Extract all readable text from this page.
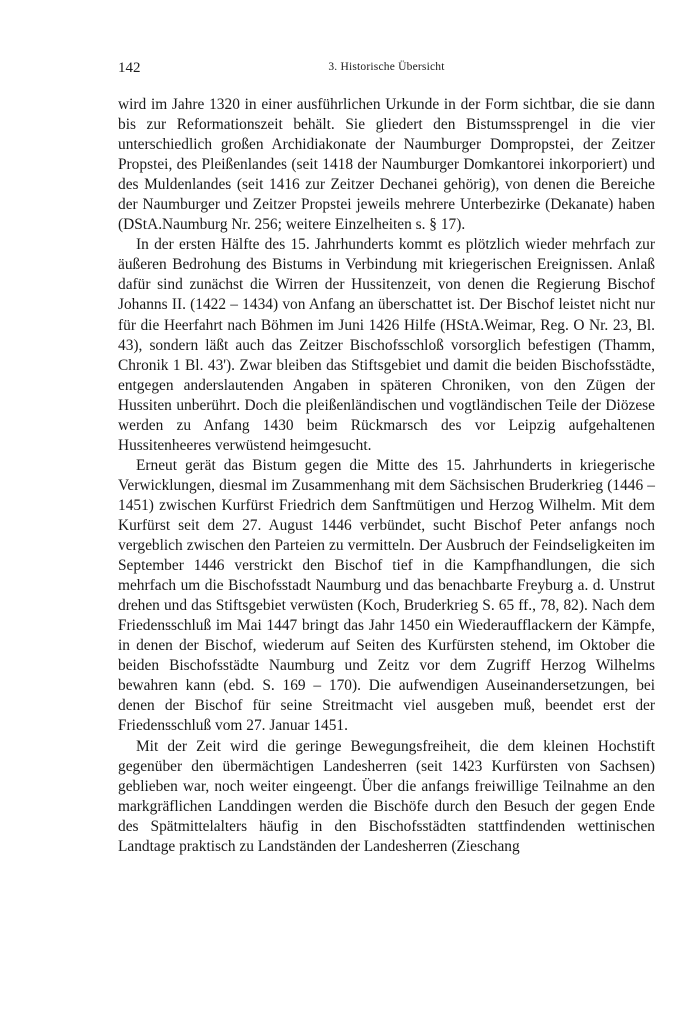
142	3. Historische Übersicht

wird im Jahre 1320 in einer ausführlichen Urkunde in der Form sichtbar, die sie dann bis zur Reformationszeit behält. Sie gliedert den Bistumssprengel in die vier unterschiedlich großen Archidiakonate der Naumburger Dompropstei, der Zeitzer Propstei, des Pleißenlandes (seit 1418 der Naumburger Domkantorei inkorporiert) und des Muldenlandes (seit 1416 zur Zeitzer Dechanei gehörig), von denen die Bereiche der Naumburger und Zeitzer Propstei jeweils mehrere Unterbezirke (Dekanate) haben (DStA.Naumburg Nr. 256; weitere Einzelheiten s. § 17).

In der ersten Hälfte des 15. Jahrhunderts kommt es plötzlich wieder mehrfach zur äußeren Bedrohung des Bistums in Verbindung mit kriegerischen Ereignissen. Anlaß dafür sind zunächst die Wirren der Hussitenzeit, von denen die Regierung Bischof Johanns II. (1422 – 1434) von Anfang an überschattet ist. Der Bischof leistet nicht nur für die Heerfahrt nach Böhmen im Juni 1426 Hilfe (HStA.Weimar, Reg. O Nr. 23, Bl. 43), sondern läßt auch das Zeitzer Bischofsschloß vorsorglich befestigen (Thamm, Chronik 1 Bl. 43'). Zwar bleiben das Stiftsgebiet und damit die beiden Bischofsstädte, entgegen anderslautenden Angaben in späteren Chroniken, von den Zügen der Hussiten unberührt. Doch die pleißenländischen und vogtländischen Teile der Diözese werden zu Anfang 1430 beim Rückmarsch des vor Leipzig aufgehaltenen Hussitenheeres verwüstend heimgesucht.

Erneut gerät das Bistum gegen die Mitte des 15. Jahrhunderts in kriegerische Verwicklungen, diesmal im Zusammenhang mit dem Sächsischen Bruderkrieg (1446 – 1451) zwischen Kurfürst Friedrich dem Sanftmütigen und Herzog Wilhelm. Mit dem Kurfürst seit dem 27. August 1446 verbündet, sucht Bischof Peter anfangs noch vergeblich zwischen den Parteien zu vermitteln. Der Ausbruch der Feindseligkeiten im September 1446 verstrickt den Bischof tief in die Kampfhandlungen, die sich mehrfach um die Bischofsstadt Naumburg und das benachbarte Freyburg a. d. Unstrut drehen und das Stiftsgebiet verwüsten (Koch, Bruderkrieg S. 65 ff., 78, 82). Nach dem Friedensschluß im Mai 1447 bringt das Jahr 1450 ein Wiederaufflackern der Kämpfe, in denen der Bischof, wiederum auf Seiten des Kurfürsten stehend, im Oktober die beiden Bischofsstädte Naumburg und Zeitz vor dem Zugriff Herzog Wilhelms bewahren kann (ebd. S. 169 – 170). Die aufwendigen Auseinandersetzungen, bei denen der Bischof für seine Streitmacht viel ausgeben muß, beendet erst der Friedensschluß vom 27. Januar 1451.

Mit der Zeit wird die geringe Bewegungsfreiheit, die dem kleinen Hochstift gegenüber den übermächtigen Landesherren (seit 1423 Kurfürsten von Sachsen) geblieben war, noch weiter eingeengt. Über die anfangs freiwillige Teilnahme an den markgräflichen Landdingen werden die Bischöfe durch den Besuch der gegen Ende des Spätmittelalters häufig in den Bischofsstädten stattfindenden wettinischen Landtage praktisch zu Landständen der Landesherren (Zieschang
